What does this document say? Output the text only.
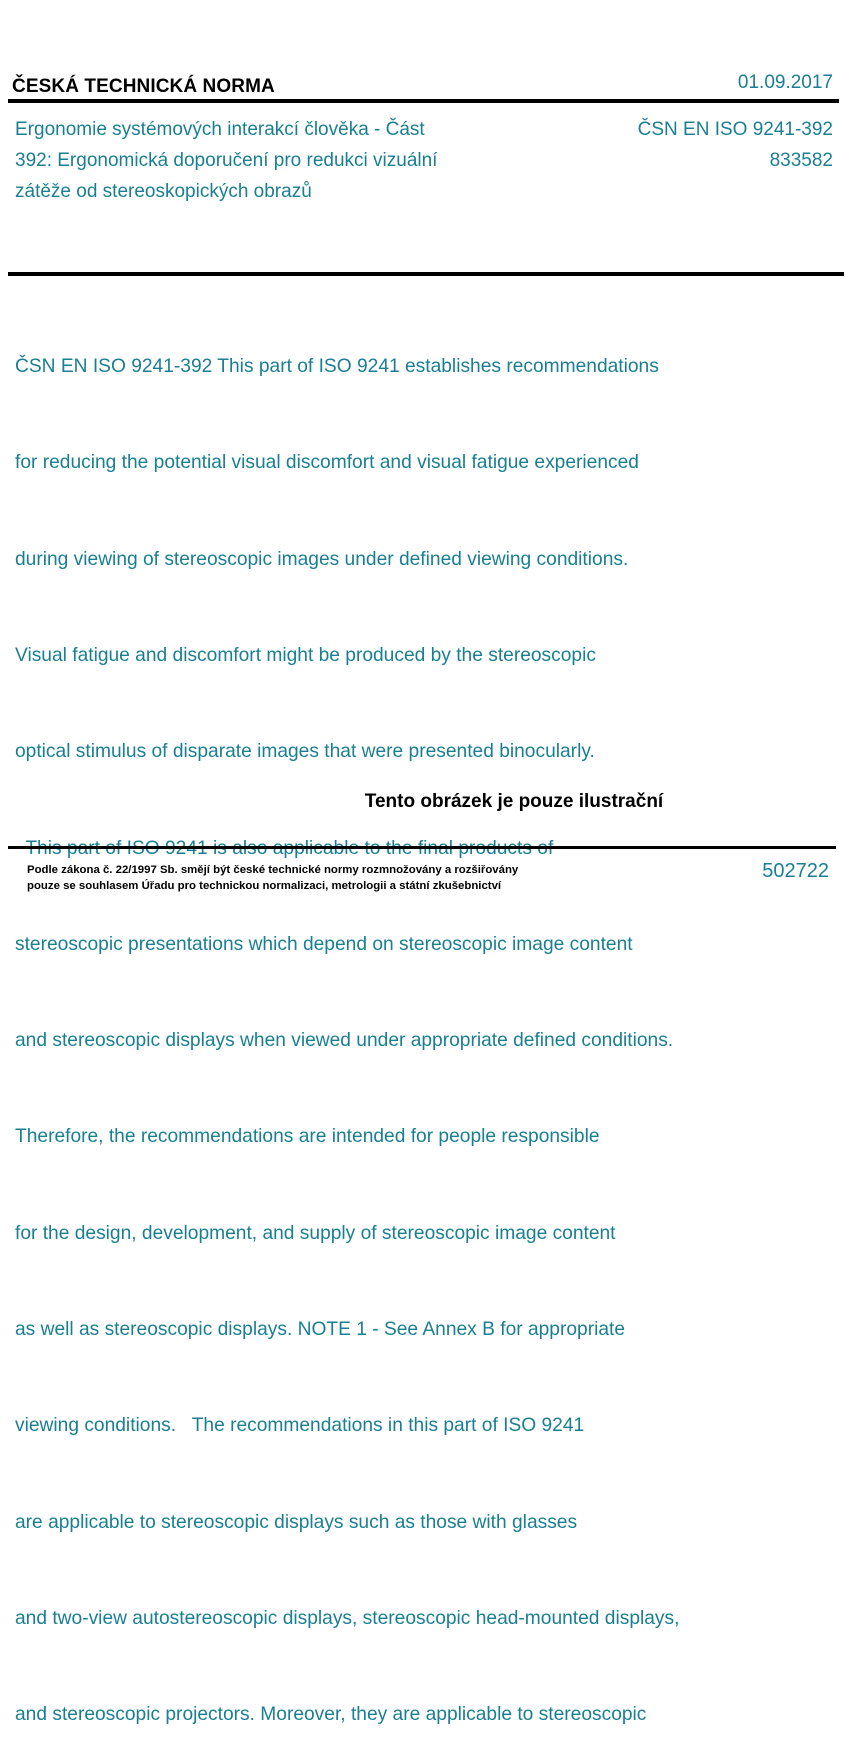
ČESKÁ TECHNICKÁ NORMA	01.09.2017
Ergonomie systémových interakcí člověka - Část
392: Ergonomická doporučení pro redukci vizuální
zátěže od stereoskopických obrazů
ČSN EN ISO 9241-392
833582

ČSN EN ISO 9241-392 This part of ISO 9241 establishes recommendations

for reducing the potential visual discomfort and visual fatigue experienced

during viewing of stereoscopic images under defined viewing conditions.

Visual fatigue and discomfort might be produced by the stereoscopic

optical stimulus of disparate images that were presented binocularly.

stereoscopic presentations which depend on stereoscopic image content

and stereoscopic displays when viewed under appropriate defined conditions.

Therefore, the recommendations are intended for people responsible

for the design, development, and supply of stereoscopic image content

as well as stereoscopic displays. NOTE 1 - See Annex B for appropriate

viewing conditions.   The recommendations in this part of ISO 9241

are applicable to stereoscopic displays such as those with glasses

and two-view autostereoscopic displays, stereoscopic head-mounted displays,

and stereoscopic projectors. Moreover, they are applicable to stereoscopic

Tento obrázek je pouze ilustrační
Podle zákona č. 22/1997 Sb. smějí být české technické normy rozmnožovány a rozšiřovány
pouze se souhlasem Úřadu pro technickou normalizaci, metrologii a státní zkušebnictví
502722
